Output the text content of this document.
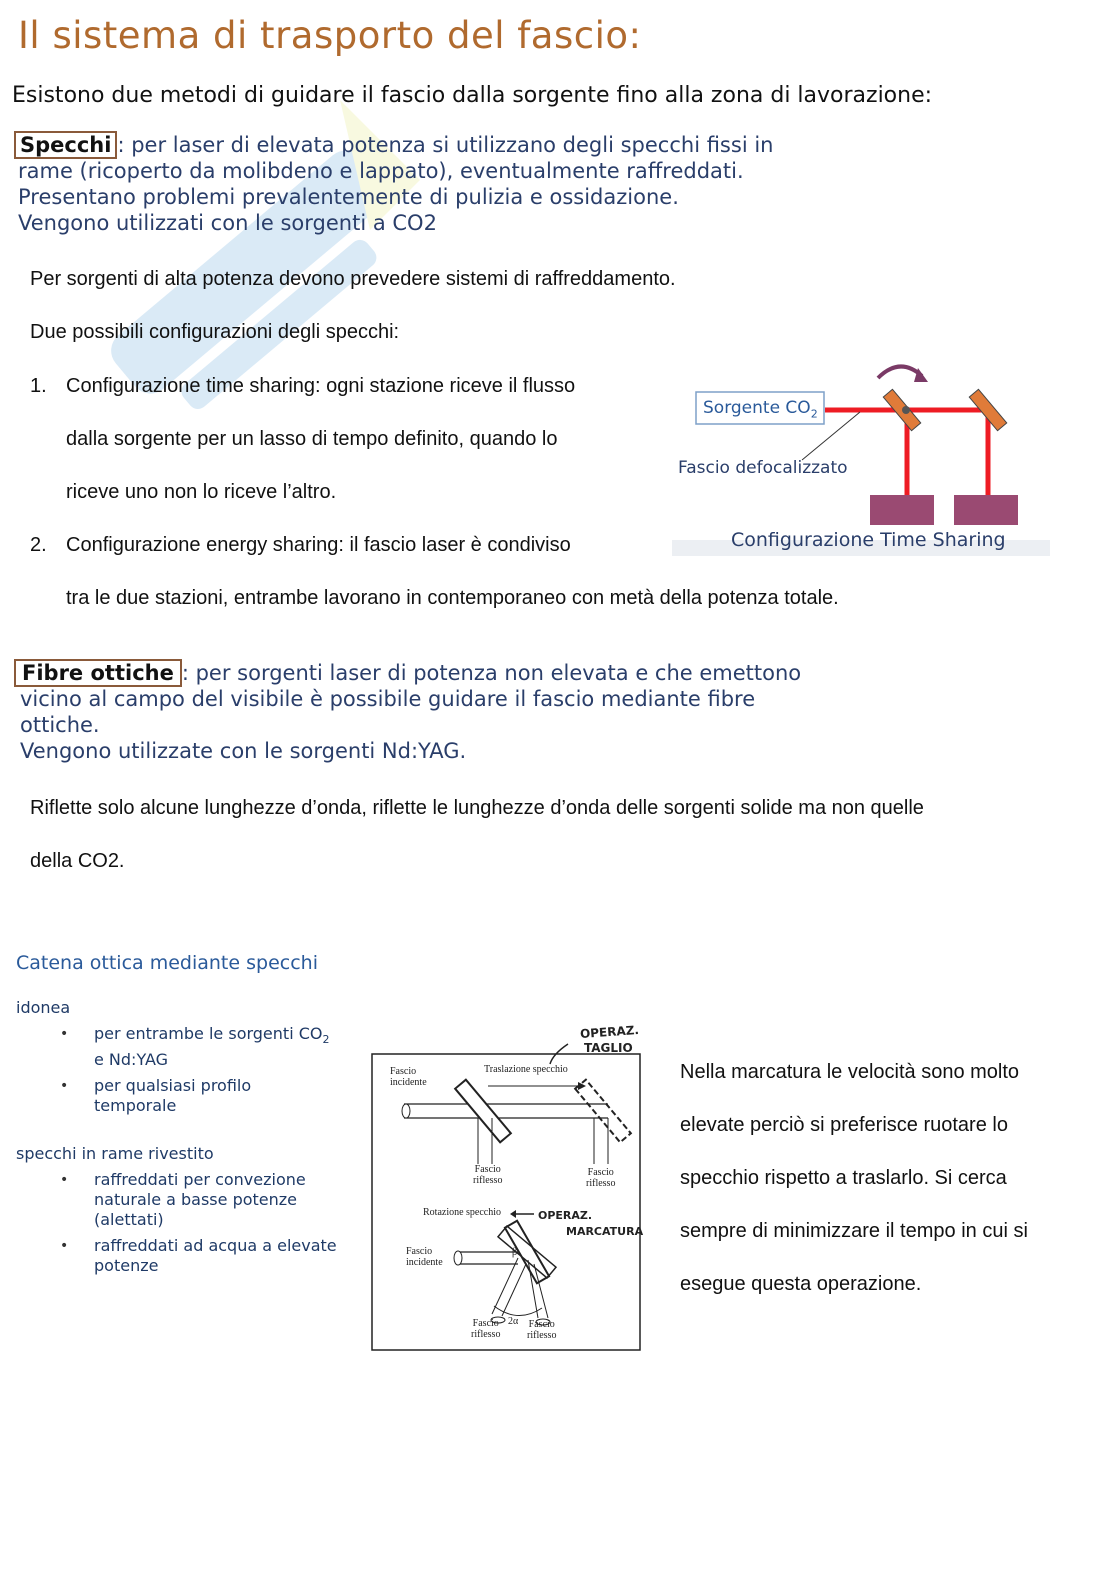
Il sistema di trasporto del fascio:
Esistono due metodi di guidare il fascio dalla sorgente fino alla zona di lavorazione:
Specchi : per laser di elevata potenza si utilizzano degli specchi fissi in
rame (ricoperto da molibdeno e lappato), eventualmente raffreddati.
Presentano problemi prevalentemente di pulizia e ossidazione.
Vengono utilizzati con le sorgenti a CO2
Per sorgenti di alta potenza devono prevedere sistemi di raffreddamento.
Due possibili configurazioni degli specchi:
1. Configurazione time sharing: ogni stazione riceve il flusso
dalla sorgente per un lasso di tempo definito, quando lo
riceve uno non lo riceve l’altro.
2. Configurazione energy sharing: il fascio laser è condiviso
tra le due stazioni, entrambe lavorano in contemporaneo con metà della potenza totale.
Sorgente $CO_2$
Fascio defocalizzato
Configurazione Time Sharing
Fibre ottiche : per sorgenti laser di potenza non elevata e che emettono
vicino al campo del visibile è possibile guidare il fascio mediante fibre
ottiche.
Vengono utilizzate con le sorgenti Nd:YAG.
Riflette solo alcune lunghezze d’onda, riflette le lunghezze d’onda delle sorgenti solide ma non quelle
della CO2.
Catena ottica mediante specchi
idonea
• per entrambe le sorgenti $CO_2$
e Nd:YAG
• per qualsiasi profilo
temporale
specchi in rame rivestito
• raffreddati per convezione
naturale a basse potenze
(alettati)
• raffreddati ad acqua a elevate
potenze
OPERAZ.
TAGLIO
Fascio
incidente
Traslazione specchio
Fascio
riflesso
Fascio
riflesso
Rotazione specchio	OPERAZ.
MARCATURA
Fascio
incidente
β
Fascio
riflesso
2α Fascio
riflesso
Nella marcatura le velocità sono molto
elevate perciò si preferisce ruotare lo
specchio rispetto a traslarlo. Si cerca
sempre di minimizzare il tempo in cui si
esegue questa operazione.
